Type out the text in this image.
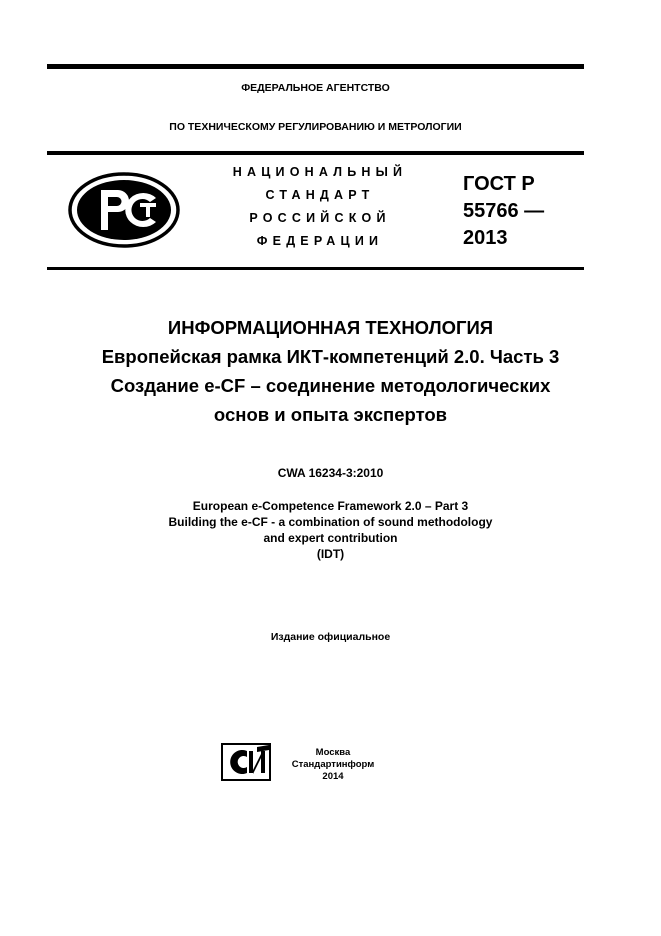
ФЕДЕРАЛЬНОЕ АГЕНТСТВО
ПО ТЕХНИЧЕСКОМУ РЕГУЛИРОВАНИЮ И МЕТРОЛОГИИ
НАЦИОНАЛЬНЫЙ
СТАНДАРТ
РОССИЙСКОЙ
ФЕДЕРАЦИИ
ГОСТ Р
55766 —
2013
ИНФОРМАЦИОННАЯ ТЕХНОЛОГИЯ
Европейская рамка ИКТ-компетенций 2.0. Часть 3
Создание e-CF – соединение методологических
основ и опыта экспертов
CWA 16234-3:2010
European e-Competence Framework 2.0 – Part 3
Building the e-CF - a combination of sound methodology
and expert contribution
(IDT)
Издание официальное
Москва
Стандартинформ
2014
